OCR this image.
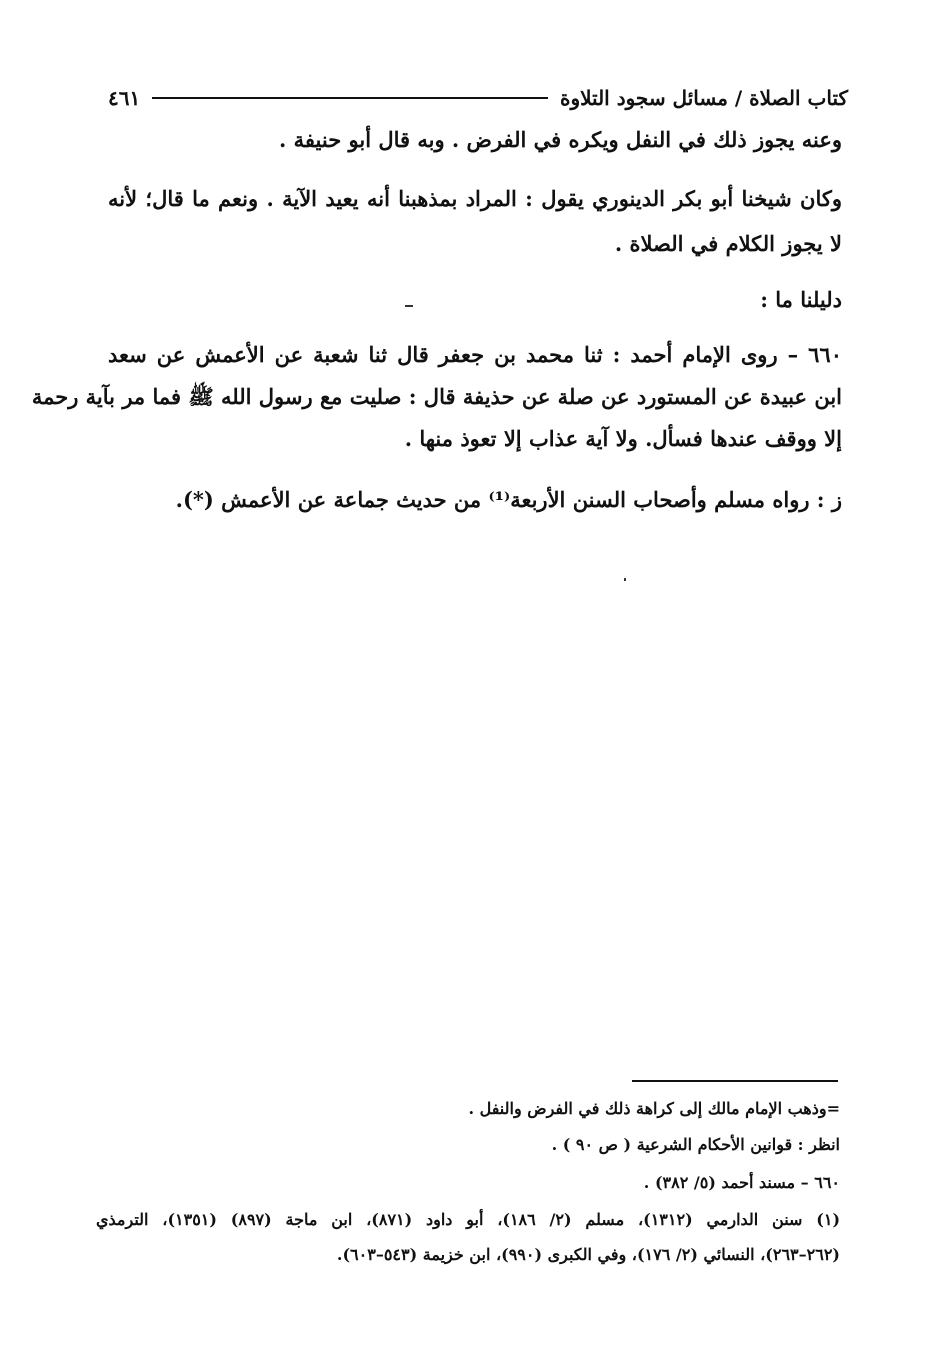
كتاب الصلاة / مسائل سجود التلاوة
٤٦١
وعنه يجوز ذلك في النفل ويكره في الفرض . وبه قال أبو حنيفة .
وكان شيخنا أبو بكر الدينوري يقول : المراد بمذهبنا أنه يعيد الآية . ونعم ما قال؛ لأنه
لا يجوز الكلام في الصلاة .
دليلنا ما :
٦٦٠ – روى الإمام أحمد : ثنا محمد بن جعفر قال ثنا شعبة عن الأعمش عن سعد
ابن عبيدة عن المستورد عن صلة عن حذيفة قال : صليت مع رسول الله ﷺ فما مر بآية رحمة
إلا ووقف عندها فسأل. ولا آية عذاب إلا تعوذ منها .
ز : رواه مسلم وأصحاب السنن الأربعة⁽¹⁾ من حديث جماعة عن الأعمش (*).
=وذهب الإمام مالك إلى كراهة ذلك في الفرض والنفل .
انظر : قوانين الأحكام الشرعية ( ص ٩٠ ) .
٦٦٠ – مسند أحمد (٥/ ٣٨٢) .
(١) سنن الدارمي (١٣١٢)، مسلم (٢/ ١٨٦)، أبو داود (٨٧١)، ابن ماجة (٨٩٧) (١٣٥١)، الترمذي
(٢٦٢–٢٦٣)، النسائي (٢/ ١٧٦)، وفي الكبرى (٩٩٠)، ابن خزيمة (٥٤٣–٦٠٣).
